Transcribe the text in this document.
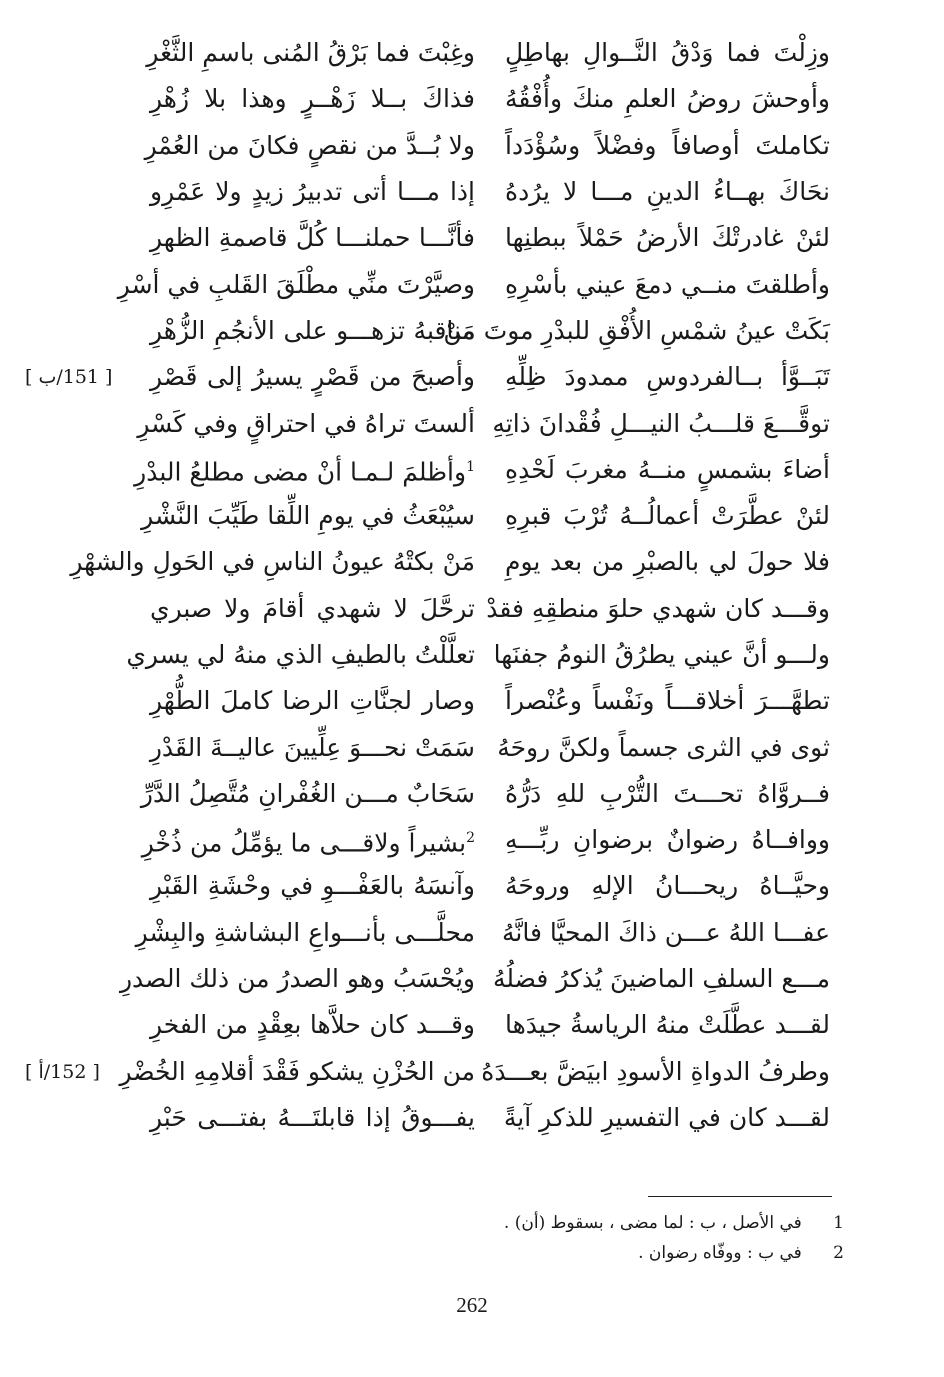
وزِلْتَ فما وَدْقُ النَّــوالِ بهاطِلٍ
وغِبْتَ فما بَرْقُ المُنى باسمِ الثَّغْرِ
وأوحشَ روضُ العلمِ منكَ وأُفْقُهُ
فذاكَ بــلا زَهْــرٍ وهذا بلا زُهْرِ
تكاملتَ أوصافاً وفضْلاً وسُؤْدَداً
ولا بُــدَّ من نقصٍ فكانَ من العُمْرِ
نحَاكَ بهــاءُ الدينِ مـــا لا يرُدهُ
إذا مـــا أتى تدبيرُ زيدٍ ولا عَمْرِو
لئنْ غادرتْكَ الأرضُ حَمْلاً ببطنِها
فأنَّـــا حملنـــا كُلَّ قاصمةِ الظهرِ
وأطلقتَ منــي دمعَ عيني بأسْرِهِ
وصيَّرْتَ منِّي مطْلَقَ القَلبِ في أسْرِ
بَكَتْ عينُ شمْسِ الأُفْقِ للبدْرِ موتَ مَنْ
مناقبهُ تزهـــو على الأنجُمِ الزُّهْرِ
تَبَــوَّأ بــالفردوسِ ممدودَ ظِلِّهِ
وأصبحَ من قَصْرٍ يسيرُ إلى قَصْرِ
[ 151/ب ]
توقَّـــعَ قلـــبُ النيـــلِ فُقْدانَ ذاتِهِ
ألستَ تراهُ في احتراقٍ وفي كَسْرِ
أضاءَ بشمسٍ منــهُ مغربَ لَحْدِهِ
$^1$وأظلمَ لـمـا أنْ مضى مطلعُ البدْرِ
لئنْ عطَّرَتْ أعمالُــهُ تُرْبَ قبرِهِ
سيُبْعَثُ في يومِ اللِّقا طَيِّبَ النَّشْرِ
فلا حولَ لي بالصبْرِ من بعد يومِ
مَنْ بكتْهُ عيونُ الناسِ في الحَولِ والشهْرِ
وقـــد كان شهدي حلوَ منطقِهِ فقدْ
ترحَّلَ لا شهدي أقامَ ولا صبري
ولـــو أنَّ عيني يطرُقُ النومُ جفنَها
تعلَّلْتُ بالطيفِ الذي منهُ لي يسري
تطهَّـــرَ أخلاقـــاً ونَفْساً وعُنْصراً
وصار لجنَّاتِ الرضا كاملَ الطُّهْرِ
ثوى في الثرى جسماً ولكنَّ روحَهُ
سَمَتْ نحـــوَ عِلِّيينَ عاليــةَ القَدْرِ
فــروَّاهُ تحـــتَ التُّرْبِ للهِ دَرُّهُ
سَحَابٌ مـــن الغُفْرانِ مُتَّصِلُ الدَّرِّ
ووافــاهُ رضوانٌ برضوانِ ربِّـــهِ
$^2$بشيراً ولاقـــى ما يؤمِّلُ من ذُخْرِ
وحيَّــاهُ ريحـــانُ الإلهِ وروحَهُ
وآنسَهُ بالعَفْـــوِ في وحْشَةِ القَبْرِ
عفـــا اللهُ عـــن ذاكَ المحيَّا فانَّهُ
محلَّـــى بأنـــواعِ البشاشةِ والبِشْرِ
مـــع السلفِ الماضينَ يُذكرُ فضلُهُ
ويُحْسَبُ وهو الصدرُ من ذلك الصدرِ
لقـــد عطَّلَتْ منهُ الرياسةُ جيدَها
وقـــد كان حلاَّها بعِقْدٍ من الفخرِ
وطرفُ الدواةِ الأسودِ ابيَضَّ بعـــدَهُ
من الحُزْنِ يشكو فَقْدَ أقلامِهِ الخُضْرِ
[ 152/أ ]
لقـــد كان في التفسيرِ للذكرِ آيةً
يفـــوقُ إذا قابلتَـــهُ بفتـــى حَبْرِ
1   في الأصل ، ب : لما مضى ، بسقوط (أن) .
2   في ب : ووفّاه رضوان .
262
